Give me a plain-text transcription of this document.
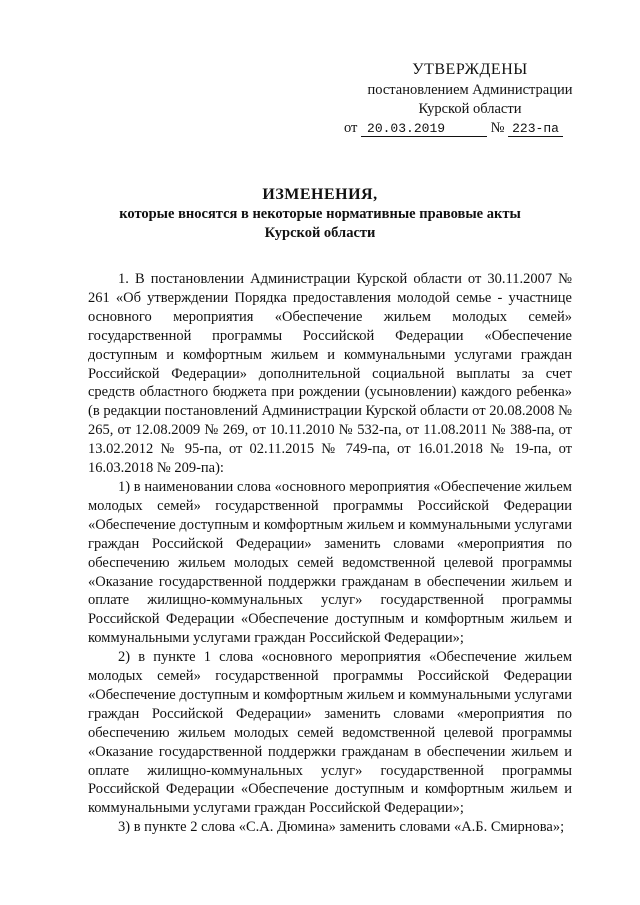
УТВЕРЖДЕНЫ
постановлением Администрации
Курской области
от 20.03.2019	№ 223-па
ИЗМЕНЕНИЯ,
которые вносятся в некоторые нормативные правовые акты
Курской области

1. В постановлении Администрации Курской области от 30.11.2007 № 261 «Об утверждении Порядка предоставления молодой семье - участнице основного мероприятия «Обеспечение жильем молодых семей» государственной программы Российской Федерации «Обеспечение доступным и комфортным жильем и коммунальными услугами граждан Российской Федерации» дополнительной социальной выплаты за счет средств областного бюджета при рождении (усыновлении) каждого ребенка» (в редакции постановлений Администрации Курской области от 20.08.2008 № 265, от 12.08.2009 № 269, от 10.11.2010 № 532-па, от 11.08.2011 № 388-па, от 13.02.2012 № 95-па, от 02.11.2015 № 749-па, от 16.01.2018 № 19-па, от 16.03.2018 № 209-па):

1) в наименовании слова «основного мероприятия «Обеспечение жильем молодых семей» государственной программы Российской Федерации «Обеспечение доступным и комфортным жильем и коммунальными услугами граждан Российской Федерации» заменить словами «мероприятия по обеспечению жильем молодых семей ведомственной целевой программы «Оказание государственной поддержки гражданам в обеспечении жильем и оплате жилищно-коммунальных услуг» государственной программы Российской Федерации «Обеспечение доступным и комфортным жильем и коммунальными услугами граждан Российской Федерации»;

2) в пункте 1 слова «основного мероприятия «Обеспечение жильем молодых семей» государственной программы Российской Федерации «Обеспечение доступным и комфортным жильем и коммунальными услугами граждан Российской Федерации» заменить словами «мероприятия по обеспечению жильем молодых семей ведомственной целевой программы «Оказание государственной поддержки гражданам в обеспечении жильем и оплате жилищно-коммунальных услуг» государственной программы Российской Федерации «Обеспечение доступным и комфортным жильем и коммунальными услугами граждан Российской Федерации»;

3) в пункте 2 слова «С.А. Дюмина» заменить словами «А.Б. Смирнова»;
